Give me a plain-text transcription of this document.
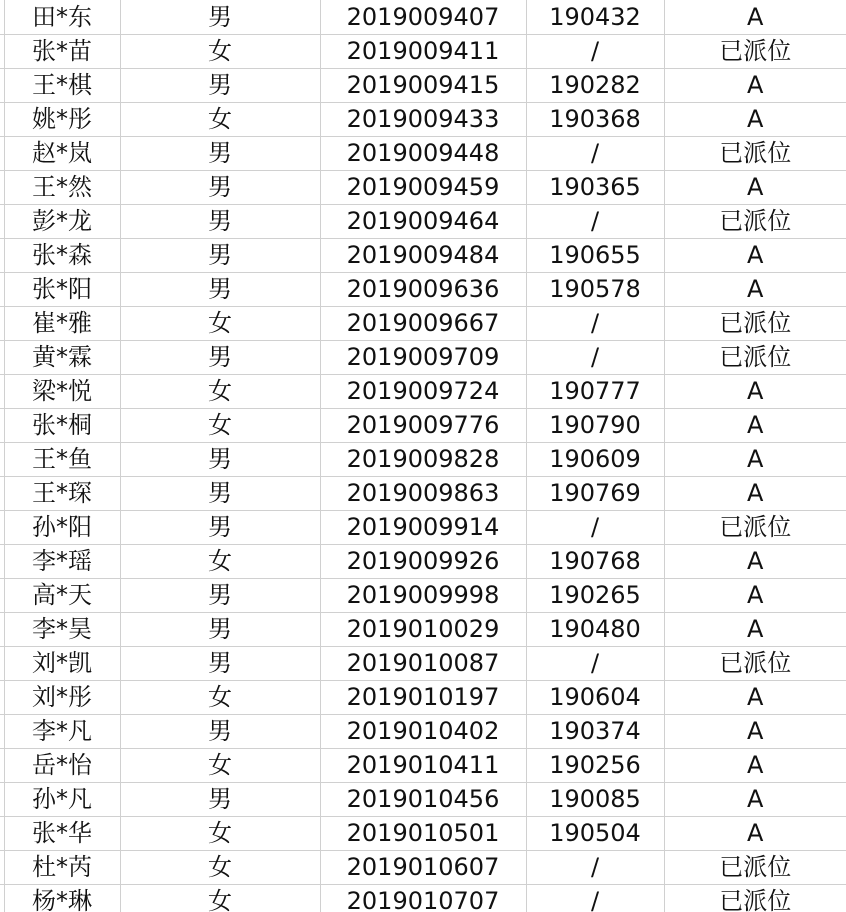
	田*东	男	2019009407	190432	A
	张*苗	女	2019009411	/	已派位
	王*棋	男	2019009415	190282	A
	姚*彤	女	2019009433	190368	A
	赵*岚	男	2019009448	/	已派位
	王*然	男	2019009459	190365	A
	彭*龙	男	2019009464	/	已派位
	张*森	男	2019009484	190655	A
	张*阳	男	2019009636	190578	A
	崔*雅	女	2019009667	/	已派位
	黄*霖	男	2019009709	/	已派位
	梁*悦	女	2019009724	190777	A
	张*桐	女	2019009776	190790	A
	王*鱼	男	2019009828	190609	A
	王*琛	男	2019009863	190769	A
	孙*阳	男	2019009914	/	已派位
	李*瑶	女	2019009926	190768	A
	高*天	男	2019009998	190265	A
	李*昊	男	2019010029	190480	A
	刘*凯	男	2019010087	/	已派位
	刘*彤	女	2019010197	190604	A
	李*凡	男	2019010402	190374	A
	岳*怡	女	2019010411	190256	A
	孙*凡	男	2019010456	190085	A
	张*华	女	2019010501	190504	A
	杜*芮	女	2019010607	/	已派位
	杨*琳	女	2019010707	/	已派位
